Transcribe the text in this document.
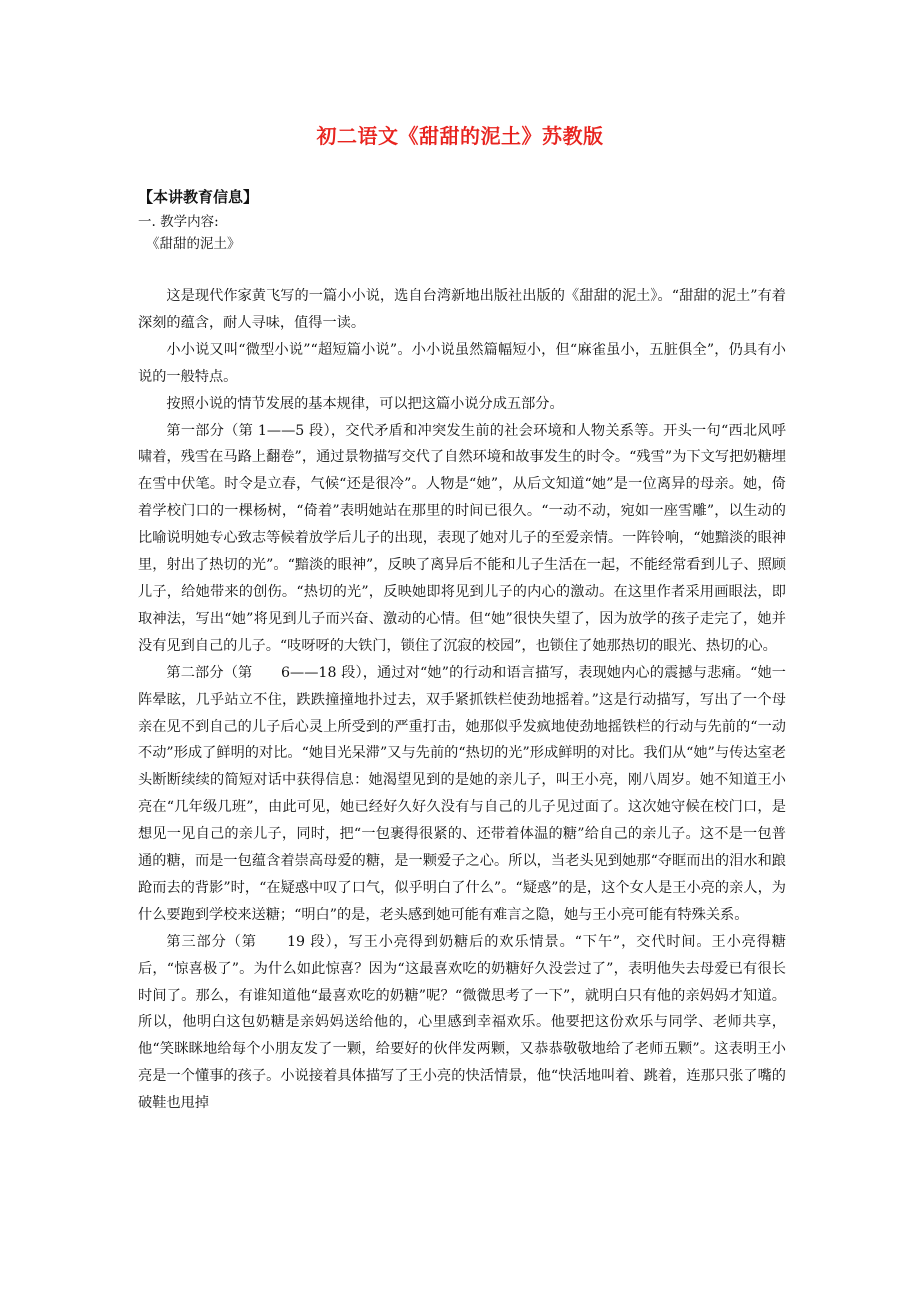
初二语文《甜甜的泥土》苏教版
【本讲教育信息】
一. 教学内容:
《甜甜的泥土》

这是现代作家黄飞写的一篇小小说，选自台湾新地出版社出版的《甜甜的泥土》。“甜甜的泥土”有着深刻的蕴含，耐人寻味，值得一读。

小小说又叫“微型小说”“超短篇小说”。小小说虽然篇幅短小，但“麻雀虽小，五脏俱全”，仍具有小说的一般特点。

按照小说的情节发展的基本规律，可以把这篇小说分成五部分。

第一部分（第 1——5 段），交代矛盾和冲突发生前的社会环境和人物关系等。开头一句“西北风呼啸着，残雪在马路上翻卷”，通过景物描写交代了自然环境和故事发生的时令。“残雪”为下文写把奶糖埋在雪中伏笔。时令是立春，气候“还是很冷”。人物是“她”，从后文知道“她”是一位离异的母亲。她，倚着学校门口的一棵杨树，“倚着”表明她站在那里的时间已很久。“一动不动，宛如一座雪雕”，以生动的比喻说明她专心致志等候着放学后儿子的出现，表现了她对儿子的至爱亲情。一阵铃响，“她黯淡的眼神里，射出了热切的光”。“黯淡的眼神”，反映了离异后不能和儿子生活在一起，不能经常看到儿子、照顾儿子，给她带来的创伤。“热切的光”，反映她即将见到儿子的内心的激动。在这里作者采用画眼法，即取神法，写出“她”将见到儿子而兴奋、激动的心情。但“她”很快失望了，因为放学的孩子走完了，她并没有见到自己的儿子。“吱呀呀的大铁门，锁住了沉寂的校园”，也锁住了她那热切的眼光、热切的心。

第二部分（第　　6——18 段），通过对“她”的行动和语言描写，表现她内心的震撼与悲痛。“她一阵晕眩，几乎站立不住，跌跌撞撞地扑过去，双手紧抓铁栏使劲地摇着。”这是行动描写，写出了一个母亲在见不到自己的儿子后心灵上所受到的严重打击，她那似乎发疯地使劲地摇铁栏的行动与先前的“一动不动”形成了鲜明的对比。“她目光呆滞”又与先前的“热切的光”形成鲜明的对比。我们从“她”与传达室老头断断续续的简短对话中获得信息：她渴望见到的是她的亲儿子，叫王小亮，刚八周岁。她不知道王小亮在“几年级几班”，由此可见，她已经好久好久没有与自己的儿子见过面了。这次她守候在校门口，是想见一见自己的亲儿子，同时，把“一包裹得很紧的、还带着体温的糖”给自己的亲儿子。这不是一包普通的糖，而是一包蕴含着崇高母爱的糖，是一颗爱子之心。所以，当老头见到她那“夺眶而出的泪水和踉跄而去的背影”时，“在疑惑中叹了口气，似乎明白了什么”。“疑惑”的是，这个女人是王小亮的亲人，为什么要跑到学校来送糖；“明白”的是，老头感到她可能有难言之隐，她与王小亮可能有特殊关系。

第三部分（第　　19 段），写王小亮得到奶糖后的欢乐情景。“下午”，交代时间。王小亮得糖后，“惊喜极了”。为什么如此惊喜？因为“这最喜欢吃的奶糖好久没尝过了”，表明他失去母爱已有很长时间了。那么，有谁知道他“最喜欢吃的奶糖”呢？“微微思考了一下”，就明白只有他的亲妈妈才知道。所以，他明白这包奶糖是亲妈妈送给他的，心里感到幸福欢乐。他要把这份欢乐与同学、老师共享，他“笑眯眯地给每个小朋友发了一颗，给要好的伙伴发两颗，又恭恭敬敬地给了老师五颗”。这表明王小亮是一个懂事的孩子。小说接着具体描写了王小亮的快活情景，他“快活地叫着、跳着，连那只张了嘴的破鞋也甩掉
